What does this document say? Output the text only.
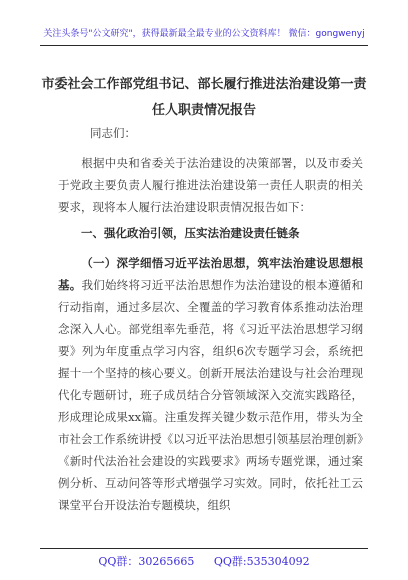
关注头条号"公文研究"，获得最新最全最专业的公文资料库！ 微信：gongwenyj
市委社会工作部党组书记、部长履行推进法治建设第一责
任人职责情况报告
同志们：
根据中央和省委关于法治建设的决策部署，以及市委关于党政主要负责人履行推进法治建设第一责任人职责的相关要求，现将本人履行法治建设职责情况报告如下：
一、强化政治引领，压实法治建设责任链条
（一）深学细悟习近平法治思想，筑牢法治建设思想根基。我们始终将习近平法治思想作为法治建设的根本遵循和行动指南，通过多层次、全覆盖的学习教育体系推动法治理念深入人心。部党组率先垂范，将《习近平法治思想学习纲要》列为年度重点学习内容，组织6次专题学习会，系统把握十一个坚持的核心要义。创新开展法治建设与社会治理现代化专题研讨，班子成员结合分管领域深入交流实践路径，形成理论成果xx篇。注重发挥关键少数示范作用，带头为全市社会工作系统讲授《以习近平法治思想引领基层治理创新》《新时代法治社会建设的实践要求》两场专题党课，通过案例分析、互动问答等形式增强学习实效。同时，依托社工云课堂平台开设法治专题模块，组织
QQ群：30265665 QQ群:535304092
